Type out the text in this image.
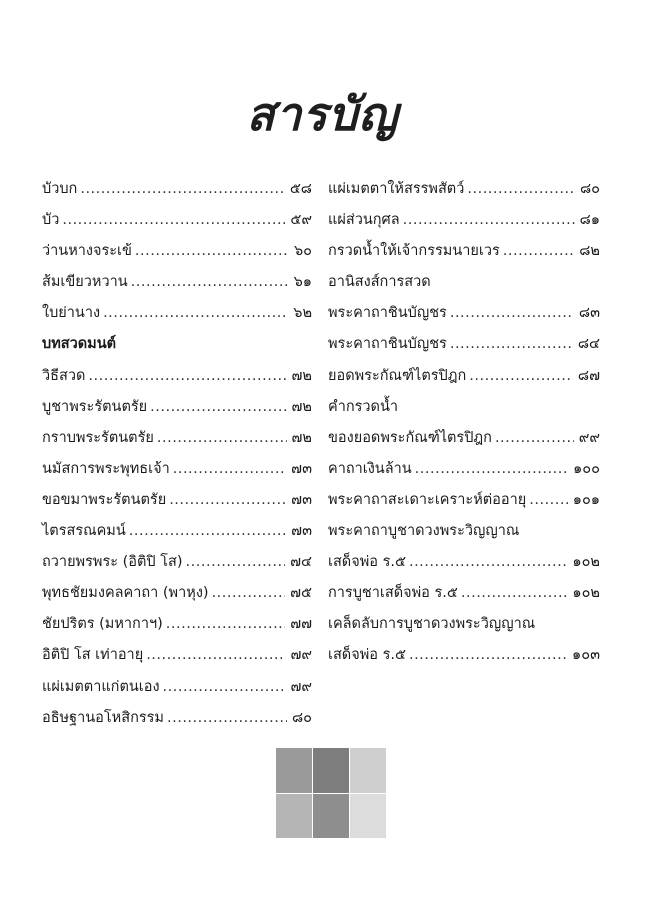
สารบัญ
บัวบก .....	๕๘
บัว .....	๕๙
ว่านหางจระเข้ .....	๖๐
ส้มเขียวหวาน .....	๖๑
ใบย่านาง .....	๖๒
บทสวดมนต์
วิธีสวด .....	๗๒
บูชาพระรัตนตรัย .....	๗๒
กราบพระรัตนตรัย .....	๗๒
นมัสการพระพุทธเจ้า .....	๗๓
ขอขมาพระรัตนตรัย .....	๗๓
ไตรสรณคมน์ .....	๗๓
ถวายพรพระ (อิติปิ โส) .....	๗๔
พุทธชัยมงคลคาถา (พาหุง) .....	๗๕
ชัยปริตร (มหากาฯ) .....	๗๗
อิติปิ โส เท่าอายุ .....	๗๙
แผ่เมตตาแก่ตนเอง .....	๗๙
อธิษฐานอโหสิกรรม .....	๘๐
แผ่เมตตาให้สรรพสัตว์ .....	๘๐
แผ่ส่วนกุศล .....	๘๑
กรวดน้ำให้เจ้ากรรมนายเวร .....	๘๒
อานิสงส์การสวด
พระคาถาชินบัญชร .....	๘๓
พระคาถาชินบัญชร .....	๘๔
ยอดพระกัณฑ์ไตรปิฎก .....	๘๗
คำกรวดน้ำ
ของยอดพระกัณฑ์ไตรปิฎก .....	๙๙
คาถาเงินล้าน .....	๑๐๐
พระคาถาสะเดาะเคราะห์ต่ออายุ .....	๑๐๑
พระคาถาบูชาดวงพระวิญญาณ
เสด็จพ่อ ร.๕ .....	๑๐๒
การบูชาเสด็จพ่อ ร.๕ .....	๑๐๒
เคล็ดลับการบูชาดวงพระวิญญาณ
เสด็จพ่อ ร.๕ .....	๑๐๓
